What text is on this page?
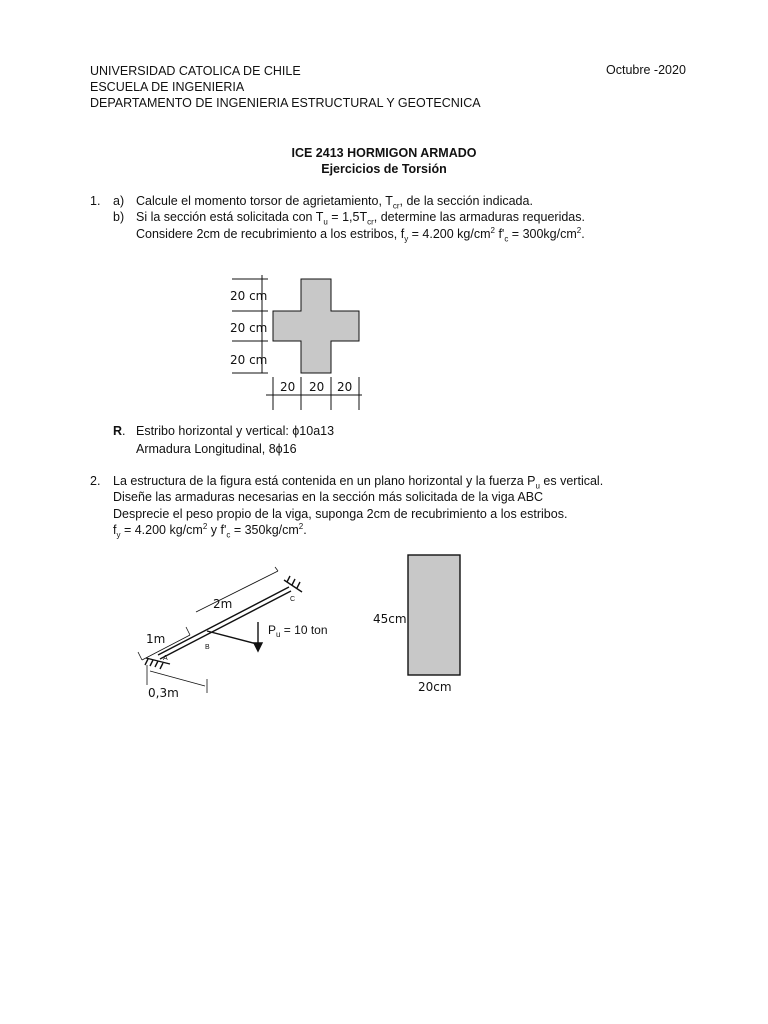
UNIVERSIDAD CATOLICA DE CHILE
ESCUELA DE INGENIERIA
DEPARTAMENTO DE INGENIERIA ESTRUCTURAL Y GEOTECNICA
Octubre -2020
ICE 2413 HORMIGON ARMADO
Ejercicios de Torsión
1. a) Calcule el momento torsor de agrietamiento, $T_{cr}$, de la sección indicada.
b) Si la sección está solicitada con $T_u = 1,5T_{cr}$, determine las armaduras requeridas.
Considere 2cm de recubrimiento a los estribos, $f_y = 4.200$ $kg/cm^2$ $f'_c = 300kg/cm^2$.
20 cm
20 cm
20 cm
20 20 20
R. Estribo horizontal y vertical: ϕ10a13
Armadura Longitudinal, 8ϕ16
2. La estructura de la figura está contenida en un plano horizontal y la fuerza $P_u$ es vertical.
Diseñe las armaduras necesarias en la sección más solicitada de la viga ABC
Desprecie el peso propio de la viga, suponga 2cm de recubrimiento a los estribos.
$f_y = 4.200$ $kg/cm^2$ y $f'_c = 350kg/cm^2$.
2m
1m
0,3m
A
B
C
$P_u = 10$ ton
45cm
20cm
